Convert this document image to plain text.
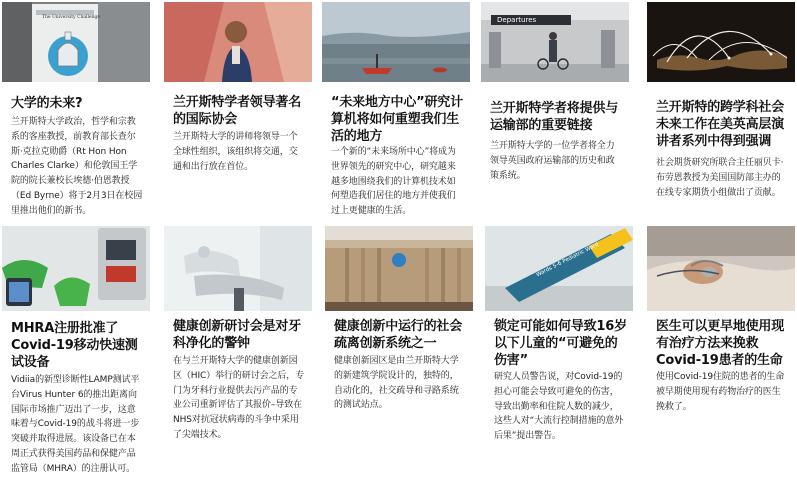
The University Challenge
大学的未来?

兰开斯特大学政治，哲学和宗教系的客座教授，前教育部长查尔斯·克拉克勋爵（Rt Hon Hon Charles Clarke）和伦敦国王学院的院长兼校长埃德·伯恩教授（Ed Byrne）将于2月3日在校园里推出他们的新书。

兰开斯特学者领导著名的国际协会

兰开斯特大学的讲师将领导一个全球性组织，该组织将交通，交通和出行放在首位。

“未来地方中心”研究计算机将如何重塑我们生活的地方

一个新的“未来场所中心”将成为世界领先的研究中心，研究越来越多地围绕我们的计算机技术如何塑造我们居住的地方并使我们过上更健康的生活。

Departures
兰开斯特学者将提供与运输部的重要链接

兰开斯特大学的一位学者将全力领导英国政府运输部的历史和政策系统。

兰开斯特的跨学科社会未来工作在美英高层演讲者系列中得到强调

社会期货研究所联合主任丽贝卡·布劳恩教授为美国国防部主办的在线专家期货小组做出了贡献。

MHRA注册批准了Covid-19移动快速测试设备

Vidiia的新型诊断性LAMP测试平台Virus Hunter 6的推出距离向国际市场推广迈出了一步，这意味着与Covid-19的战斗将进一步突破并取得进展。该设备已在本周正式获得美国药品和保健产品监管局（MHRA）的注册认可。

健康创新研讨会是对牙科净化的警钟

在与兰开斯特大学的健康创新园区（HIC）举行的研讨会之后，专门为牙科行业提供去污产品的专业公司重新评估了其报价–导致在NHS对抗冠状病毒的斗争中采用了尖端技术。

健康创新中运行的社会疏离创新系统之一

健康创新园区是由兰开斯特大学的新建筑学院设计的，独特的，自动化的，社交疏导和寻路系统的测试站点。

Wards 5-6 Pediatric Ward
锁定可能如何导致16岁以下儿童的“可避免的伤害”

研究人员警告说，对Covid-19的担心可能会导致可避免的伤害，导致出勤率和住院人数的减少，这些人对“大流行控制措施的意外后果”提出警告。

医生可以更早地使用现有治疗方法来挽救Covid-19患者的生命

使用Covid-19住院的患者的生命被早期使用现有药物治疗的医生挽救了。
